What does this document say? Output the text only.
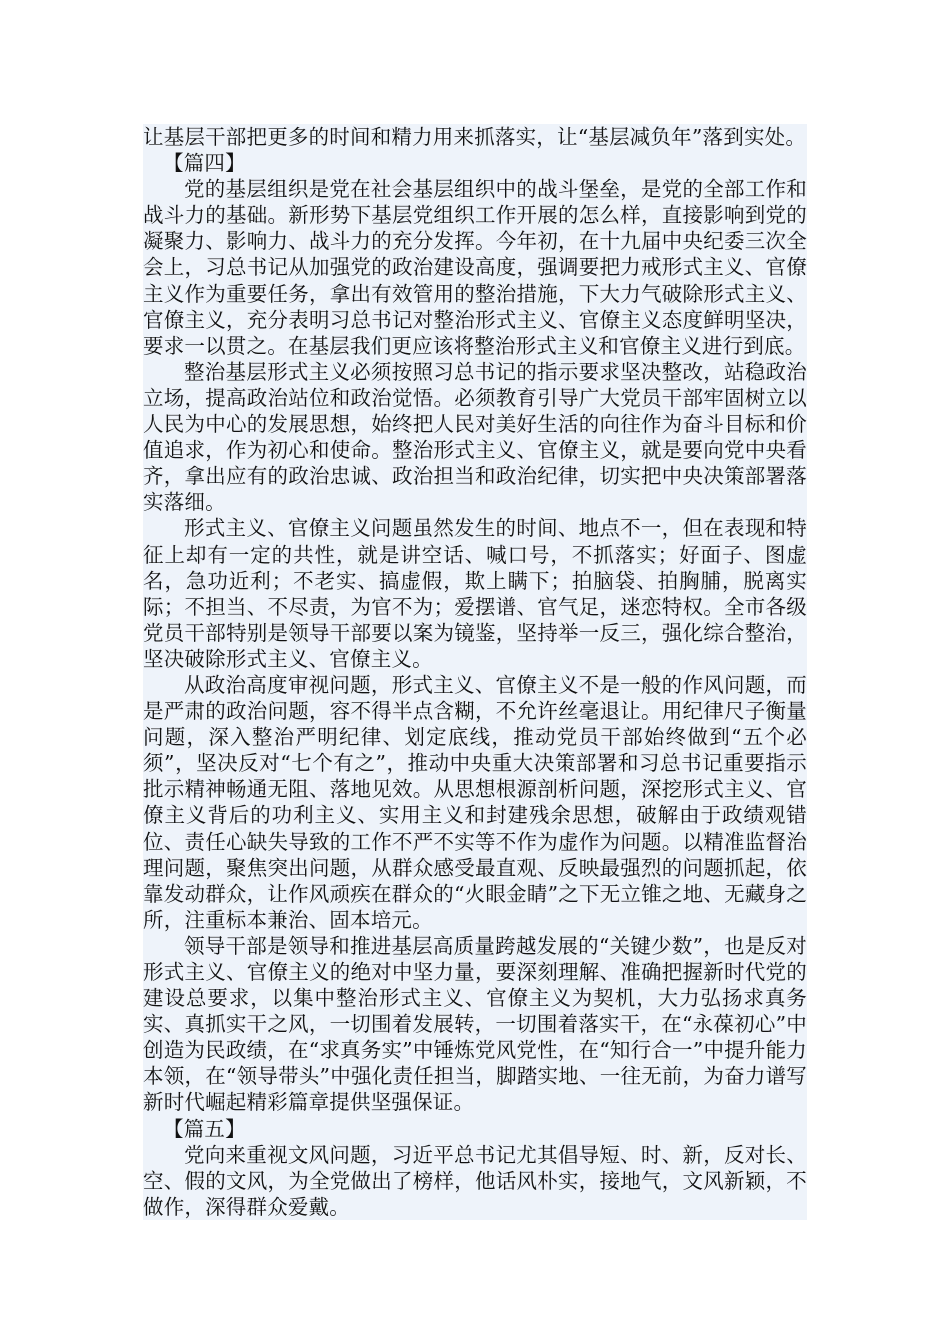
让基层干部把更多的时间和精力用来抓落实，让“基层减负年”落到实处。

【篇四】

党的基层组织是党在社会基层组织中的战斗堡垒，是党的全部工作和战斗力的基础。新形势下基层党组织工作开展的怎么样，直接影响到党的凝聚力、影响力、战斗力的充分发挥。今年初，在十九届中央纪委三次全会上，习总书记从加强党的政治建设高度，强调要把力戒形式主义、官僚主义作为重要任务，拿出有效管用的整治措施，下大力气破除形式主义、官僚主义，充分表明习总书记对整治形式主义、官僚主义态度鲜明坚决，要求一以贯之。在基层我们更应该将整治形式主义和官僚主义进行到底。

整治基层形式主义必须按照习总书记的指示要求坚决整改，站稳政治立场，提高政治站位和政治觉悟。必须教育引导广大党员干部牢固树立以人民为中心的发展思想，始终把人民对美好生活的向往作为奋斗目标和价值追求，作为初心和使命。整治形式主义、官僚主义，就是要向党中央看齐，拿出应有的政治忠诚、政治担当和政治纪律，切实把中央决策部署落实落细。

形式主义、官僚主义问题虽然发生的时间、地点不一，但在表现和特征上却有一定的共性，就是讲空话、喊口号，不抓落实；好面子、图虚名，急功近利；不老实、搞虚假，欺上瞒下；拍脑袋、拍胸脯，脱离实际；不担当、不尽责，为官不为；爱摆谱、官气足，迷恋特权。全市各级党员干部特别是领导干部要以案为镜鉴，坚持举一反三，强化综合整治，坚决破除形式主义、官僚主义。

从政治高度审视问题，形式主义、官僚主义不是一般的作风问题，而是严肃的政治问题，容不得半点含糊，不允许丝毫退让。用纪律尺子衡量问题，深入整治严明纪律、划定底线，推动党员干部始终做到“五个必须”，坚决反对“七个有之”，推动中央重大决策部署和习总书记重要指示批示精神畅通无阻、落地见效。从思想根源剖析问题，深挖形式主义、官僚主义背后的功利主义、实用主义和封建残余思想，破解由于政绩观错位、责任心缺失导致的工作不严不实等不作为虚作为问题。以精准监督治理问题，聚焦突出问题，从群众感受最直观、反映最强烈的问题抓起，依靠发动群众，让作风顽疾在群众的“火眼金睛”之下无立锥之地、无藏身之所，注重标本兼治、固本培元。

领导干部是领导和推进基层高质量跨越发展的“关键少数”，也是反对形式主义、官僚主义的绝对中坚力量，要深刻理解、准确把握新时代党的建设总要求，以集中整治形式主义、官僚主义为契机，大力弘扬求真务实、真抓实干之风，一切围着发展转，一切围着落实干，在“永葆初心”中创造为民政绩，在“求真务实”中锤炼党风党性，在“知行合一”中提升能力本领，在“领导带头”中强化责任担当，脚踏实地、一往无前，为奋力谱写新时代崛起精彩篇章提供坚强保证。

【篇五】

党向来重视文风问题，习近平总书记尤其倡导短、时、新，反对长、空、假的文风，为全党做出了榜样，他话风朴实，接地气，文风新颖，不做作，深得群众爱戴。
